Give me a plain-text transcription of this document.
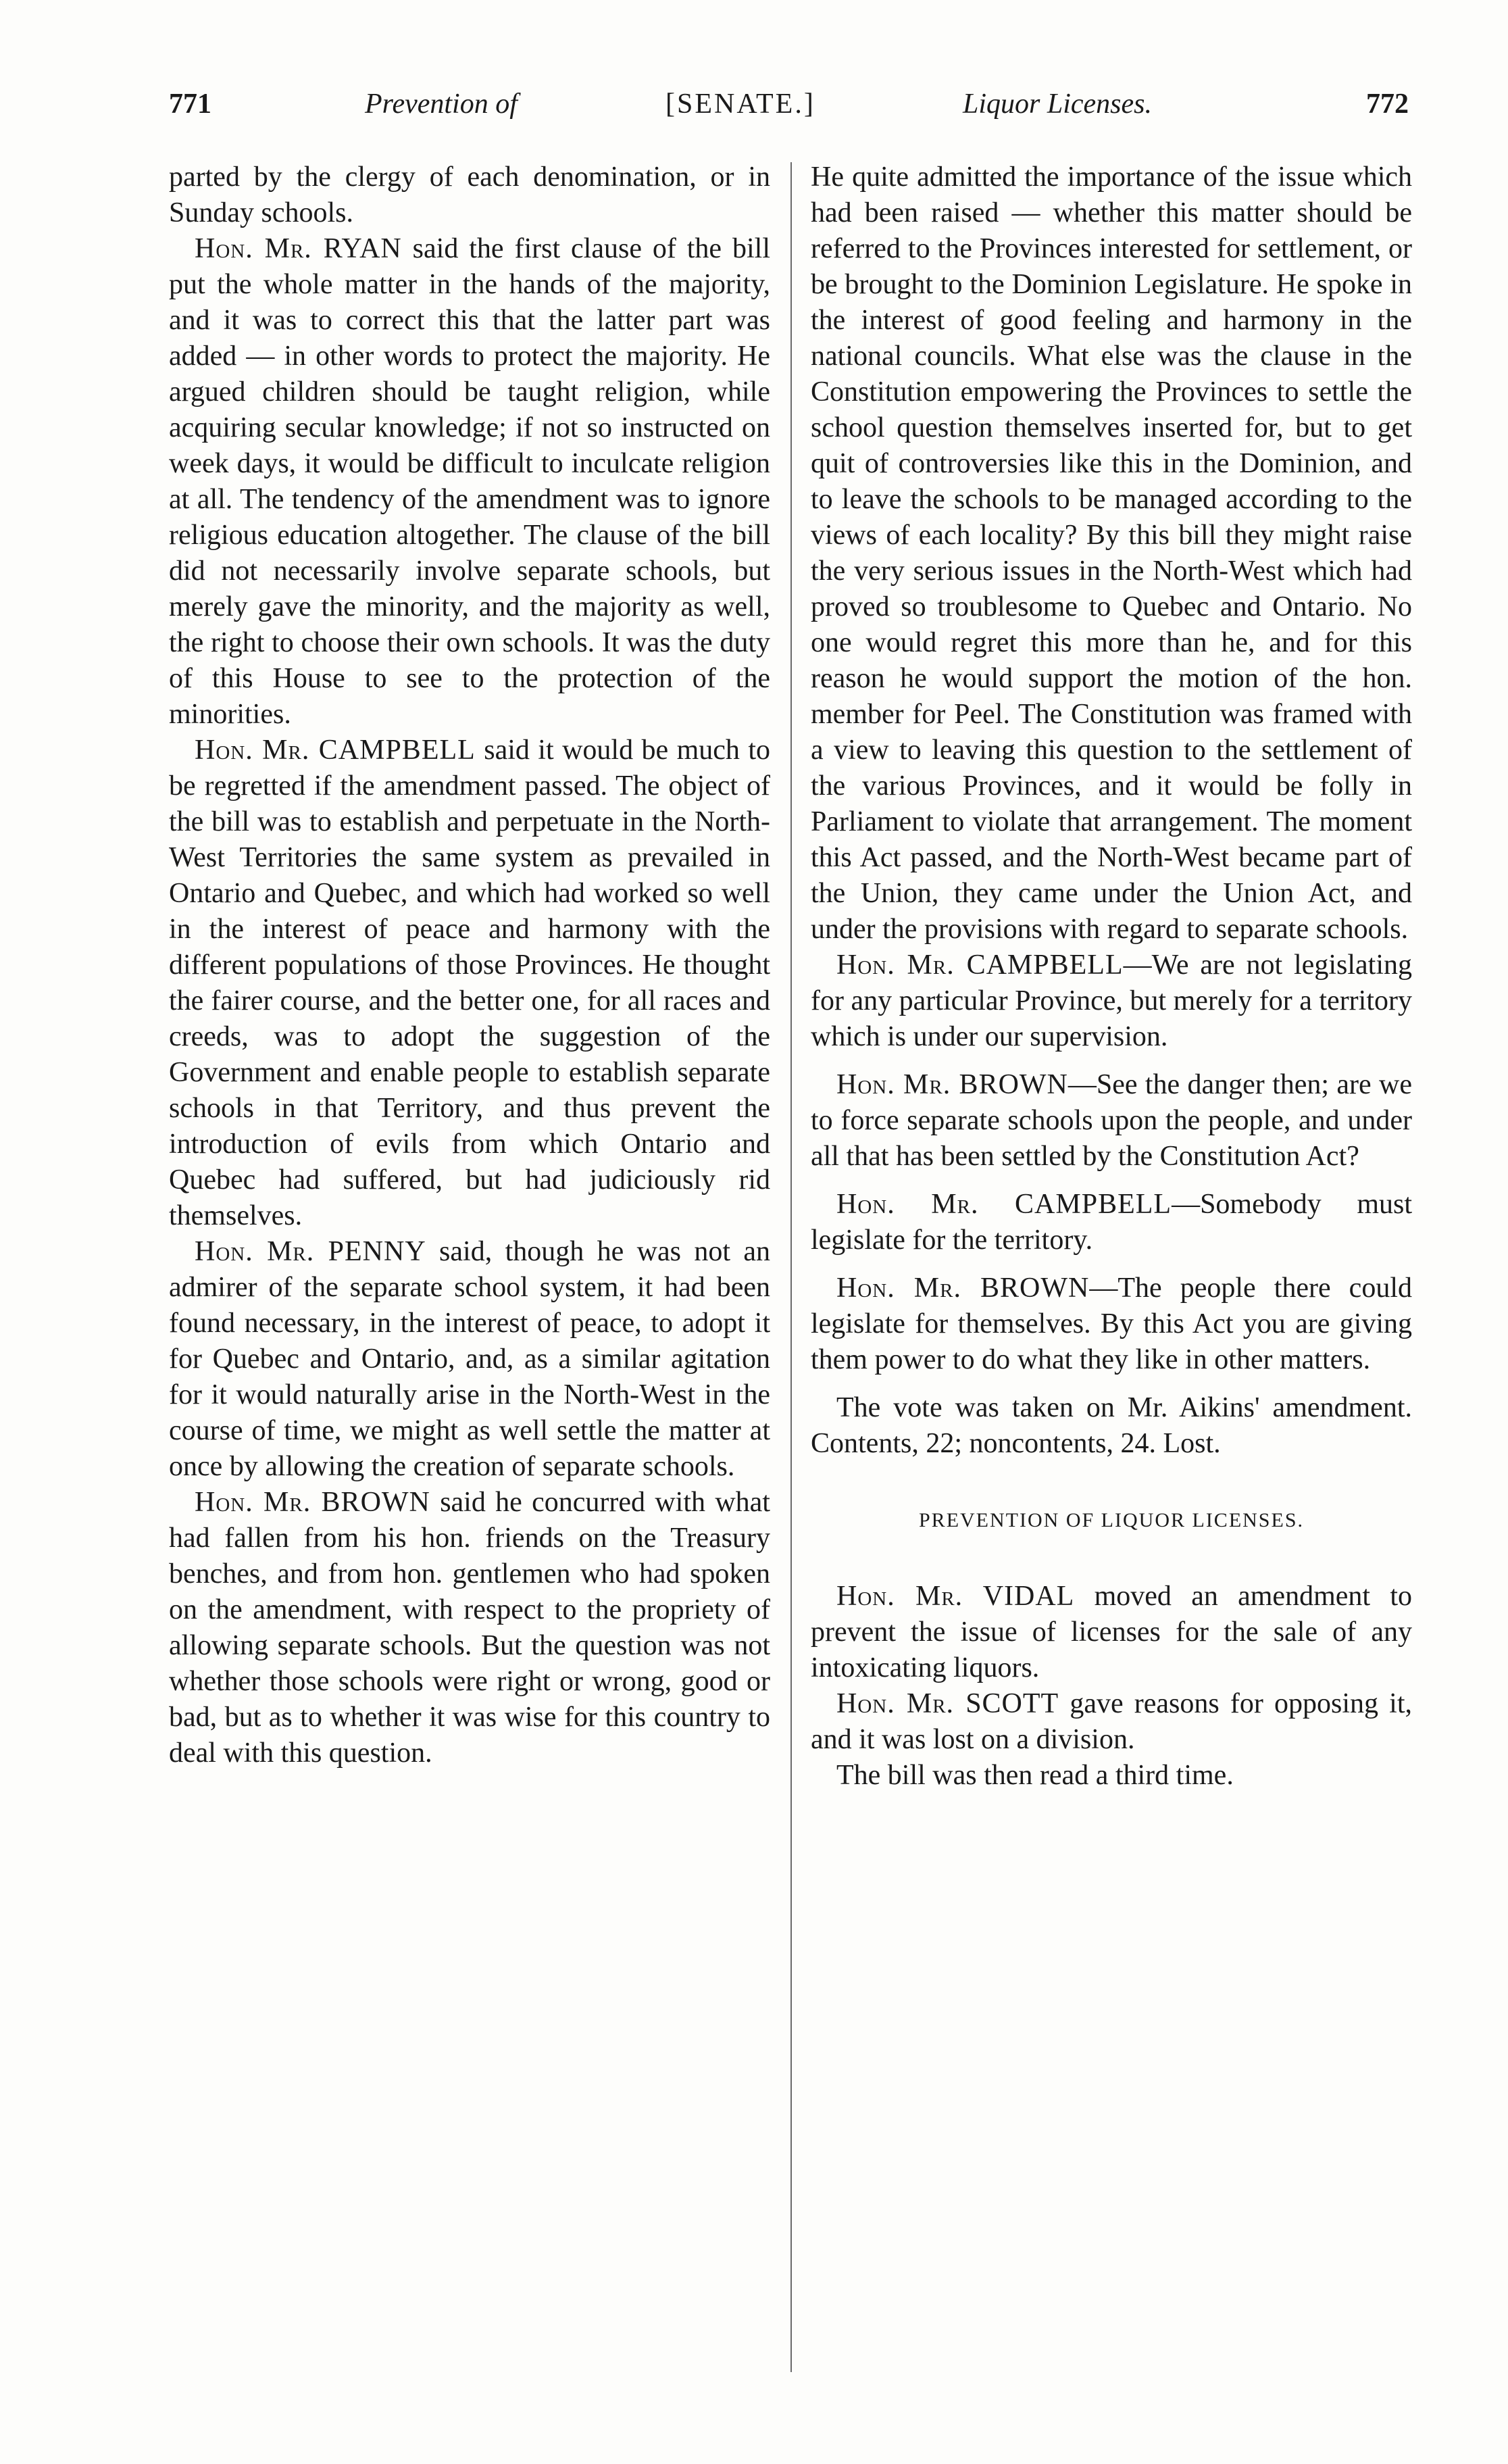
771	Prevention of	[SENATE.]	Liquor Licenses.	772

parted by the clergy of each denomination, or in Sunday schools.

Hon. Mr. RYAN said the first clause of the bill put the whole matter in the hands of the majority, and it was to correct this that the latter part was added — in other words to protect the majority. He argued children should be taught religion, while acquiring secular knowledge; if not so instructed on week days, it would be difficult to inculcate religion at all. The tendency of the amendment was to ignore religious education altogether. The clause of the bill did not necessarily involve separate schools, but merely gave the minority, and the majority as well, the right to choose their own schools. It was the duty of this House to see to the protection of the minorities.

Hon. Mr. CAMPBELL said it would be much to be regretted if the amendment passed. The object of the bill was to establish and perpetuate in the North-West Territories the same system as prevailed in Ontario and Quebec, and which had worked so well in the interest of peace and harmony with the different populations of those Provinces. He thought the fairer course, and the better one, for all races and creeds, was to adopt the suggestion of the Government and enable people to establish separate schools in that Territory, and thus prevent the introduction of evils from which Ontario and Quebec had suffered, but had judiciously rid themselves.

Hon. Mr. PENNY said, though he was not an admirer of the separate school system, it had been found necessary, in the interest of peace, to adopt it for Quebec and Ontario, and, as a similar agitation for it would naturally arise in the North-West in the course of time, we might as well settle the matter at once by allowing the creation of separate schools.

Hon. Mr. BROWN said he concurred with what had fallen from his hon. friends on the Treasury benches, and from hon. gentlemen who had spoken on the amendment, with respect to the propriety of allowing separate schools. But the question was not whether those schools were right or wrong, good or bad, but as to whether it was wise for this country to deal with this question.

He quite admitted the importance of the issue which had been raised — whether this matter should be referred to the Provinces interested for settlement, or be brought to the Dominion Legislature. He spoke in the interest of good feeling and harmony in the national councils. What else was the clause in the Constitution empowering the Provinces to settle the school question themselves inserted for, but to get quit of controversies like this in the Dominion, and to leave the schools to be managed according to the views of each locality? By this bill they might raise the very serious issues in the North-West which had proved so troublesome to Quebec and Ontario. No one would regret this more than he, and for this reason he would support the motion of the hon. member for Peel. The Constitution was framed with a view to leaving this question to the settlement of the various Provinces, and it would be folly in Parliament to violate that arrangement. The moment this Act passed, and the North-West became part of the Union, they came under the Union Act, and under the provisions with regard to separate schools.

Hon. Mr. CAMPBELL—We are not legislating for any particular Province, but merely for a territory which is under our supervision.

Hon. Mr. BROWN—See the danger then; are we to force separate schools upon the people, and under all that has been settled by the Constitution Act?

Hon. Mr. CAMPBELL—Somebody must legislate for the territory.

Hon. Mr. BROWN—The people there could legislate for themselves. By this Act you are giving them power to do what they like in other matters.

The vote was taken on Mr. Aikins' amendment. Contents, 22; noncontents, 24. Lost.

PREVENTION OF LIQUOR LICENSES.

Hon. Mr. VIDAL moved an amendment to prevent the issue of licenses for the sale of any intoxicating liquors.

Hon. Mr. SCOTT gave reasons for opposing it, and it was lost on a division.

The bill was then read a third time.
